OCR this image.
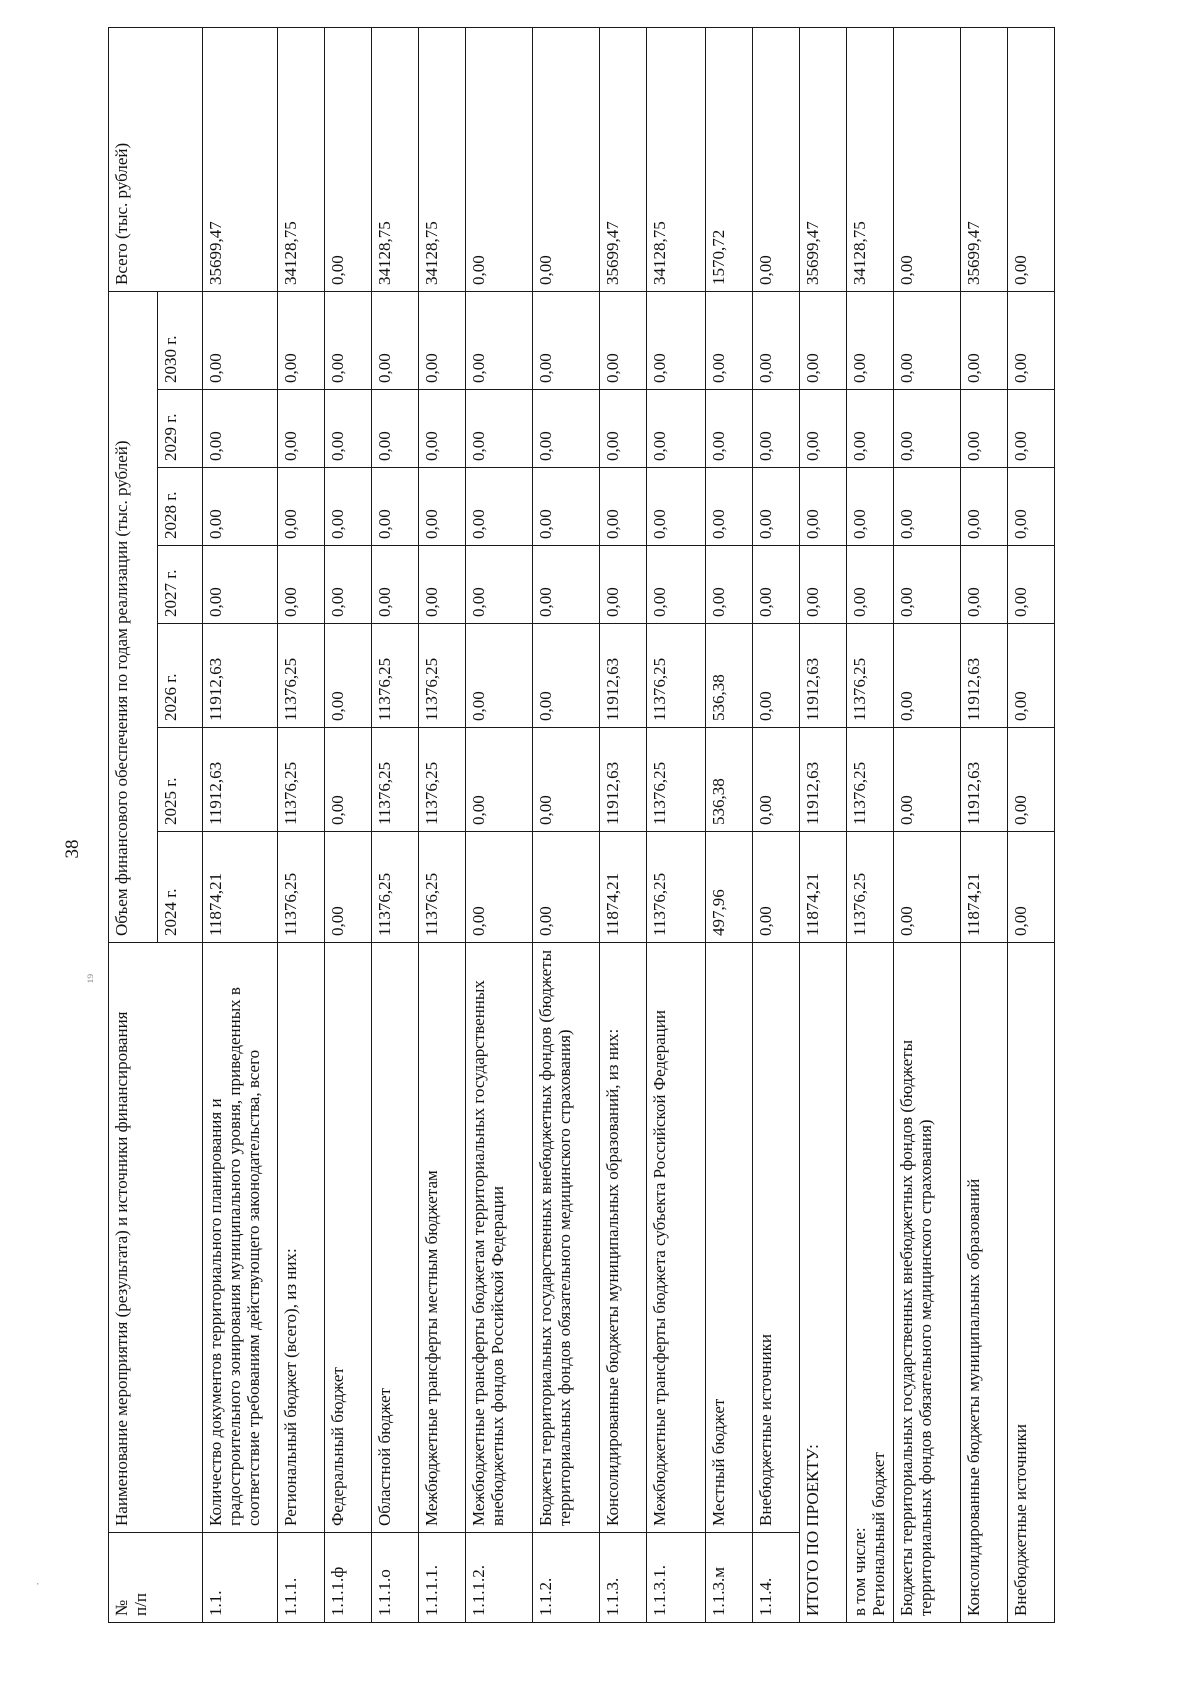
38
¹⁹
·
№
п/п	Наименование мероприятия (результата) и источники финансирования	Объем финансового обеспечения по годам реализации (тыс. рублей)							Всего (тыс. рублей)
		2024 г.	2025 г.	2026 г.	2027 г.	2028 г.	2029 г.	2030 г.	
1.1.	Количество документов территориального планирования и градостроительного зонирования муниципального уровня, приведенных в соответствие требованиям действующего законодательства, всего	11874,21	11912,63	11912,63	0,00	0,00	0,00	0,00	35699,47
1.1.1.	Региональный бюджет (всего), из них:	11376,25	11376,25	11376,25	0,00	0,00	0,00	0,00	34128,75
1.1.1.ф	Федеральный бюджет	0,00	0,00	0,00	0,00	0,00	0,00	0,00	0,00
1.1.1.о	Областной бюджет	11376,25	11376,25	11376,25	0,00	0,00	0,00	0,00	34128,75
1.1.1.1.	Межбюджетные трансферты местным бюджетам	11376,25	11376,25	11376,25	0,00	0,00	0,00	0,00	34128,75
1.1.1.2.	Межбюджетные трансферты бюджетам территориальных государственных внебюджетных фондов Российской Федерации	0,00	0,00	0,00	0,00	0,00	0,00	0,00	0,00
1.1.2.	Бюджеты территориальных государственных внебюджетных фондов (бюджеты территориальных фондов обязательного медицинского страхования)	0,00	0,00	0,00	0,00	0,00	0,00	0,00	0,00
1.1.3.	Консолидированные бюджеты муниципальных образований, из них:	11874,21	11912,63	11912,63	0,00	0,00	0,00	0,00	35699,47
1.1.3.1.	Межбюджетные трансферты бюджета субъекта Российской Федерации	11376,25	11376,25	11376,25	0,00	0,00	0,00	0,00	34128,75
1.1.3.м	Местный бюджет	497,96	536,38	536,38	0,00	0,00	0,00	0,00	1570,72
1.1.4.	Внебюджетные источники	0,00	0,00	0,00	0,00	0,00	0,00	0,00	0,00
ИТОГО ПО ПРОЕКТУ:		11874,21	11912,63	11912,63	0,00	0,00	0,00	0,00	35699,47
в том числе:
Региональный бюджет		11376,25	11376,25	11376,25	0,00	0,00	0,00	0,00	34128,75
Бюджеты территориальных государственных внебюджетных фондов (бюджеты территориальных фондов обязательного медицинского страхования)		0,00	0,00	0,00	0,00	0,00	0,00	0,00	0,00
Консолидированные бюджеты муниципальных образований		11874,21	11912,63	11912,63	0,00	0,00	0,00	0,00	35699,47
Внебюджетные источники		0,00	0,00	0,00	0,00	0,00	0,00	0,00	0,00
